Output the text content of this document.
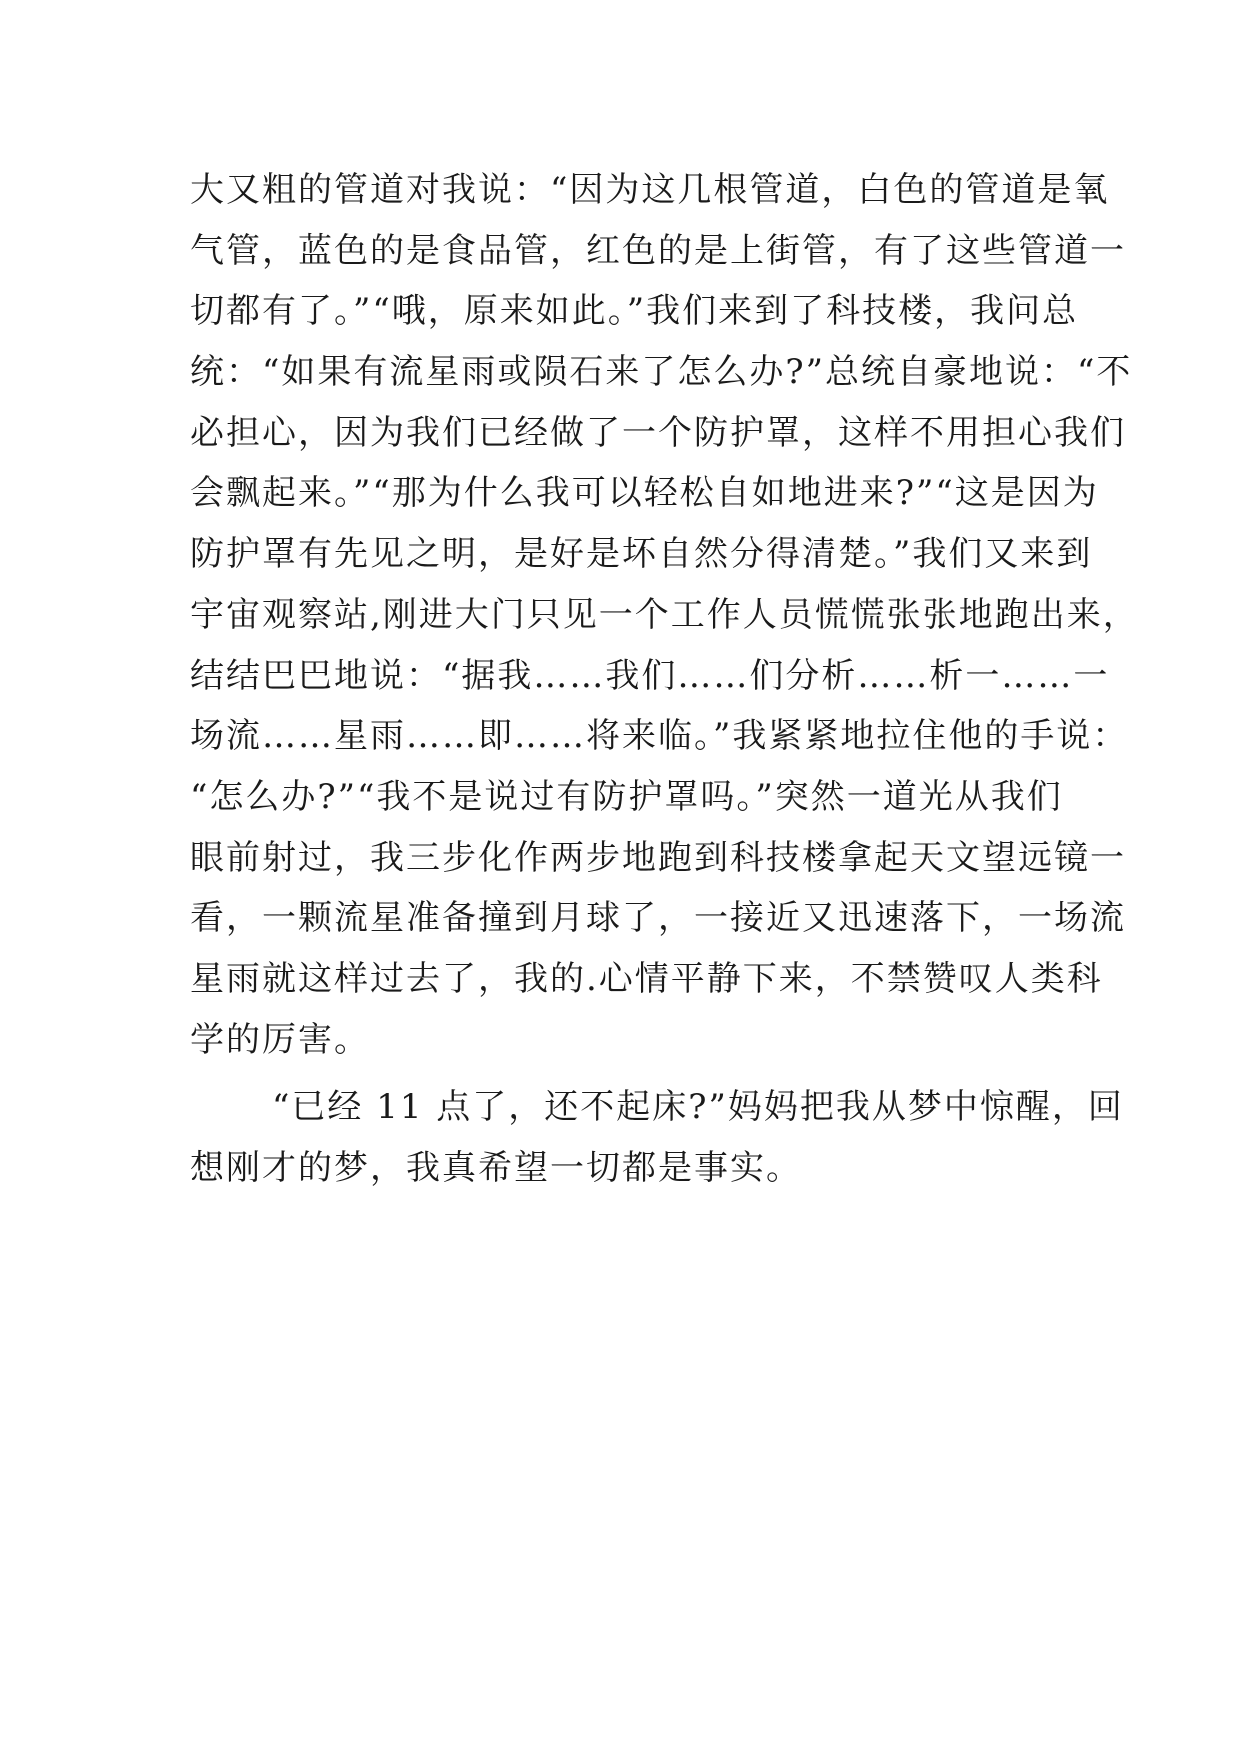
大又粗的管道对我说：“因为这几根管道，白色的管道是氧
气管，蓝色的是食品管，红色的是上街管，有了这些管道一
切都有了。”“哦，原来如此。”我们来到了科技楼，我问总
统：“如果有流星雨或陨石来了怎么办?”总统自豪地说：“不
必担心，因为我们已经做了一个防护罩，这样不用担心我们
会飘起来。”“那为什么我可以轻松自如地进来?”“这是因为
防护罩有先见之明，是好是坏自然分得清楚。”我们又来到
宇宙观察站,刚进大门只见一个工作人员慌慌张张地跑出来，
结结巴巴地说：“据我……我们……们分析……析一……一
场流……星雨……即……将来临。”我紧紧地拉住他的手说：
“怎么办?”“我不是说过有防护罩吗。”突然一道光从我们
眼前射过，我三步化作两步地跑到科技楼拿起天文望远镜一
看，一颗流星准备撞到月球了，一接近又迅速落下，一场流
星雨就这样过去了，我的.心情平静下来，不禁赞叹人类科
学的厉害。
“已经 11 点了，还不起床?”妈妈把我从梦中惊醒，回
想刚才的梦，我真希望一切都是事实。
